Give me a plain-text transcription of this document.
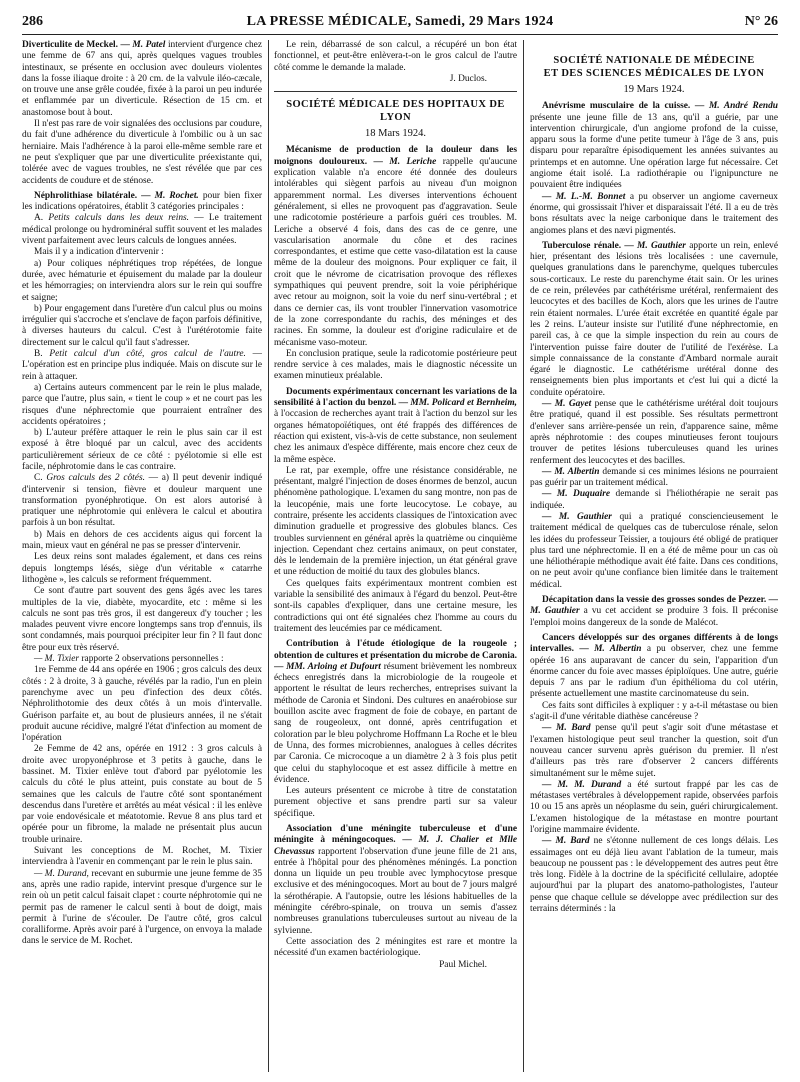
286	LA PRESSE MÉDICALE, Samedi, 29 Mars 1924	N° 26

Diverticulite de Meckel. — M. Patel intervient d'urgence chez une femme de 67 ans qui, après quelques vagues troubles intestinaux, se présente en occlusion avec douleurs violentes dans la fosse iliaque droite : à 20 cm. de la valvule iléo-cæcale, on trouve une anse grêle coudée, fixée à la paroi un peu indurée et enflammée par un diverticule. Résection de 15 cm. et anastomose bout à bout.

Il n'est pas rare de voir signalées des occlusions par coudure, du fait d'une adhérence du diverticule à l'ombilic ou à un sac herniaire. Mais l'adhérence à la paroi elle-même semble rare et ne peut s'expliquer que par une diverticulite préexistante qui, tolérée avec de vagues troubles, ne s'est révélée que par ces accidents de coudure et de sténose.

Néphrolithiase bilatérale. — M. Rochet. pour bien fixer les indications opératoires, établit 3 catégories principales :

A. Petits calculs dans les deux reins. — Le traitement médical prolonge ou hydrominéral suffit souvent et les malades vivent parfaitement avec leurs calculs de longues années.

Mais il y a indication d'intervenir :

a) Pour coliques néphrétiques trop répétées, de longue durée, avec hématurie et épuisement du malade par la douleur et les hémorragies; on interviendra alors sur le rein qui souffre et saigne;

b) Pour engagement dans l'uretère d'un calcul plus ou moins irrégulier qui s'accroche et s'enclave de façon parfois définitive, à diverses hauteurs du calcul. C'est à l'urétérotomie faite directement sur le calcul qu'il faut s'adresser.

B. Petit calcul d'un côté, gros calcul de l'autre. — L'opération est en principe plus indiquée. Mais on discute sur le rein à attaquer.

a) Certains auteurs commencent par le rein le plus malade, parce que l'autre, plus sain, « tient le coup » et ne court pas les risques d'une néphrectomie que pourraient entraîner des accidents opératoires ;

b) L'auteur préfère attaquer le rein le plus sain car il est exposé à être bloqué par un calcul, avec des accidents particulièrement sérieux de ce côté : pyélotomie si elle est facile, néphrotomie dans le cas contraire.

C. Gros calculs des 2 côtés. — a) Il peut devenir indiqué d'intervenir si tension, fièvre et douleur marquent une transformation pyonéphrotique. On est alors autorisé à pratiquer une néphrotomie qui enlèvera le calcul et aboutira parfois à un bon résultat.

b) Mais en dehors de ces accidents aigus qui forcent la main, mieux vaut en général ne pas se presser d'intervenir.

Les deux reins sont malades également, et dans ces reins depuis longtemps lésés, siège d'un véritable « catarrhe lithogène », les calculs se reforment fréquemment.

Ce sont d'autre part souvent des gens âgés avec les tares multiples de la vie, diabète, myocardite, etc : même si les calculs ne sont pas très gros, il est dangereux d'y toucher ; les malades peuvent vivre encore longtemps sans trop d'ennuis, ils sont condamnés, mais pourquoi précipiter leur fin ? Il faut donc être pour eux très réservé.

— M. Tixier rapporte 2 observations personnelles :

1re Femme de 44 ans opérée en 1906 ; gros calculs des deux côtés : 2 à droite, 3 à gauche, révélés par la radio, l'un en plein parenchyme avec un peu d'infection des deux côtés. Néphrolithotomie des deux côtés à un mois d'intervalle. Guérison parfaite et, au bout de plusieurs années, il ne s'était produit aucune récidive, malgré l'état d'infection au moment de l'opération

2e Femme de 42 ans, opérée en 1912 : 3 gros calculs à droite avec uropyonéphrose et 3 petits à gauche, dans le bassinet. M. Tixier enlève tout d'abord par pyélotomie les calculs du côté le plus atteint, puis constate au bout de 5 semaines que les calculs de l'autre côté sont spontanément descendus dans l'uretère et arrêtés au méat vésical : il les enlève par voie endovésicale et méatotomie. Revue 8 ans plus tard et opérée pour un fibrome, la malade ne présentait plus aucun trouble urinaire.

Suivant les conceptions de M. Rochet, M. Tixier interviendra à l'avenir en commençant par le rein le plus sain.

— M. Durand, recevant en suburmie une jeune femme de 35 ans, après une radio rapide, intervint presque d'urgence sur le rein où un petit calcul faisait clapet : courte néphrotomie qui ne permit pas de ramener le calcul senti à bout de doigt, mais permit à l'urine de s'écouler. De l'autre côté, gros calcul coralliforme. Après avoir paré à l'urgence, on envoya la malade dans le service de M. Rochet.

Le rein, débarrassé de son calcul, a récupéré un bon état fonctionnel, et peut-être enlèvera-t-on le gros calcul de l'autre côté comme le demande la malade.

J. Duclos.

SOCIÉTÉ MÉDICALE DES HOPITAUX DE LYON
18 Mars 1924.

Mécanisme de production de la douleur dans les moignons douloureux. — M. Leriche rappelle qu'aucune explication valable n'a encore été donnée des douleurs intolérables qui siègent parfois au niveau d'un moignon apparemment normal. Les diverses interventions échouent généralement, si elles ne provoquent pas d'aggravation. Seule une radicotomie postérieure a parfois guéri ces troubles. M. Leriche a observé 4 fois, dans des cas de ce genre, une vascularisation anormale du cône et des racines correspondantes, et estime que cette vaso-dilatation est la cause même de la douleur des moignons. Pour expliquer ce fait, il croit que le névrome de cicatrisation provoque des réflexes sympathiques qui peuvent prendre, soit la voie périphérique avec retour au moignon, soit la voie du nerf sinu-vertébral ; et dans ce dernier cas, ils vont troubler l'innervation vasomotrice de la zone correspondante du rachis, des méninges et des racines. En somme, la douleur est d'origine radiculaire et de mécanisme vaso-moteur.

En conclusion pratique, seule la radicotomie postérieure peut rendre service à ces malades, mais le diagnostic nécessite un examen minutieux préalable.

Documents expérimentaux concernant les variations de la sensibilité à l'action du benzol. — MM. Policard et Bernheim, à l'occasion de recherches ayant trait à l'action du benzol sur les organes hématopoïétiques, ont été frappés des différences de réaction qui existent, vis-à-vis de cette substance, non seulement chez les animaux d'espèce différente, mais encore chez ceux de la même espèce.

Le rat, par exemple, offre une résistance considérable, ne présentant, malgré l'injection de doses énormes de benzol, aucun phénomène pathologique. L'examen du sang montre, non pas de la leucopénie, mais une forte leucocytose. Le cobaye, au contraire, présente les accidents classiques de l'intoxication avec diminution graduelle et progressive des globules blancs. Ces troubles surviennent en général après la quatrième ou cinquième injection. Cependant chez certains animaux, on peut constater, dès le lendemain de la première injection, un état général grave et une réduction de moitié du taux des globules blancs.

Ces quelques faits expérimentaux montrent combien est variable la sensibilité des animaux à l'égard du benzol. Peut-être sont-ils capables d'expliquer, dans une certaine mesure, les contradictions qui ont été signalées chez l'homme au cours du traitement des leucémies par ce médicament.

Contribution à l'étude étiologique de la rougeole ; obtention de cultures et présentation du microbe de Caronia. — MM. Arloing et Dufourt résument brièvement les nombreux échecs enregistrés dans la microbiologie de la rougeole et apportent le résultat de leurs recherches, entreprises suivant la méthode de Caronia et Sindoni. Des cultures en anaérobiose sur bouillon ascite avec fragment de foie de cobaye, en partant de sang de rougeoleux, ont donné, après centrifugation et coloration par le bleu polychrome Hoffmann La Roche et le bleu de Unna, des formes microbiennes, analogues à celles décrites par Caronia. Ce microcoque a un diamètre 2 à 3 fois plus petit que celui du staphylocoque et est assez difficile à mettre en évidence.

Les auteurs présentent ce microbe à titre de constatation purement objective et sans prendre parti sur sa valeur spécifique.

Association d'une méningite tuberculeuse et d'une méningite à méningocoques. — M. J. Chalier et Mlle Chevassus rapportent l'observation d'une jeune fille de 21 ans, entrée à l'hôpital pour des phénomènes méningés. La ponction donna un liquide un peu trouble avec lymphocytose presque exclusive et des méningocoques. Mort au bout de 7 jours malgré la sérothérapie. A l'autopsie, outre les lésions habituelles de la méningite cérébro-spinale, on trouva un semis d'assez nombreuses granulations tuberculeuses surtout au niveau de la sylvienne.

Cette association des 2 méningites est rare et montre la nécessité d'un examen bactériologique.

Paul Michel.

SOCIÉTÉ NATIONALE DE MÉDECINE
ET DES SCIENCES MÉDICALES DE LYON
19 Mars 1924.

Anévrisme musculaire de la cuisse. — M. André Rendu présente une jeune fille de 13 ans, qu'il a guérie, par une intervention chirurgicale, d'un angiome profond de la cuisse, apparu sous la forme d'une petite tumeur à l'âge de 3 ans, puis disparu pour reparaître épisodiquement les années suivantes au printemps et en automne. Une opération large fut nécessaire. Cet angiome était isolé. La radiothérapie ou l'ignipuncture ne pouvaient être indiquées

— M. L.-M. Bonnet a pu observer un angiome caverneux énorme, qui grossissait l'hiver et disparaissait l'été. Il a eu de très bons résultats avec la neige carbonique dans le traitement des angiomes plans et des nævi pigmentés.

Tuberculose rénale. — M. Gauthier apporte un rein, enlevé hier, présentant des lésions très localisées : une cavernule, quelques granulations dans le parenchyme, quelques tubercules sous-corticaux. Le reste du parenchyme était sain. Or les urines de ce rein, prélevées par cathétérisme urétéral, renfermaient des leucocytes et des bacilles de Koch, alors que les urines de l'autre rein étaient normales. L'urée était excrétée en quantité égale par les 2 reins. L'auteur insiste sur l'utilité d'une néphrectomie, en pareil cas, à ce que la simple inspection du rein au cours de l'intervention puisse faire douter de l'utilité de l'exérèse. La simple connaissance de la constante d'Ambard normale aurait égaré le diagnostic. Le cathétérisme urétéral donne des renseignements bien plus importants et c'est lui qui a dicté la conduite opératoire.

— M. Gayet pense que le cathétérisme urétéral doit toujours être pratiqué, quand il est possible. Ses résultats permettront d'enlever sans arrière-pensée un rein, d'apparence saine, même après néphrotomie : des coupes minutieuses feront toujours trouver de petites lésions tuberculeuses quand les urines renferment des leucocytes et des bacilles.

— M. Albertin demande si ces minimes lésions ne pourraient pas guérir par un traitement médical.

— M. Duquaire demande si l'héliothérapie ne serait pas indiquée.

— M. Gauthier qui a pratiqué consciencieusement le traitement médical de quelques cas de tuberculose rénale, selon les idées du professeur Teissier, a toujours été obligé de pratiquer plus tard une néphrectomie. Il en a été de même pour un cas où une héliothérapie méthodique avait été faite. Dans ces conditions, on ne peut avoir qu'une confiance bien limitée dans le traitement médical.

Décapitation dans la vessie des grosses sondes de Pezzer. — M. Gauthier a vu cet accident se produire 3 fois. Il préconise l'emploi moins dangereux de la sonde de Malécot.

Cancers développés sur des organes différents à de longs intervalles. — M. Albertin a pu observer, chez une femme opérée 16 ans auparavant de cancer du sein, l'apparition d'un énorme cancer du foie avec masses épiploïques. Une autre, guérie depuis 7 ans par le radium d'un épithélioma du col utérin, présente actuellement une mastite carcinomateuse du sein.

Ces faits sont difficiles à expliquer : y a-t-il métastase ou bien s'agit-il d'une véritable diathèse cancéreuse ?

— M. Bard pense qu'il peut s'agir soit d'une métastase et l'examen histologique peut seul trancher la question, soit d'un nouveau cancer survenu après guérison du premier. Il n'est d'ailleurs pas très rare d'observer 2 cancers différents simultanément sur le même sujet.

— M. M. Durand a été surtout frappé par les cas de métastases vertébrales à développement rapide, observées parfois 10 ou 15 ans après un néoplasme du sein, guéri chirurgicalement. L'examen histologique de la métastase en montre pourtant l'origine mammaire évidente.

— M. Bard ne s'étonne nullement de ces longs délais. Les essaimages ont eu déjà lieu avant l'ablation de la tumeur, mais beaucoup ne poussent pas : le développement des autres peut être très long. Fidèle à la doctrine de la spécificité cellulaire, adoptée aujourd'hui par la plupart des anatomo-pathologistes, l'auteur pense que chaque cellule se développe avec prédilection sur des terrains déterminés : la
